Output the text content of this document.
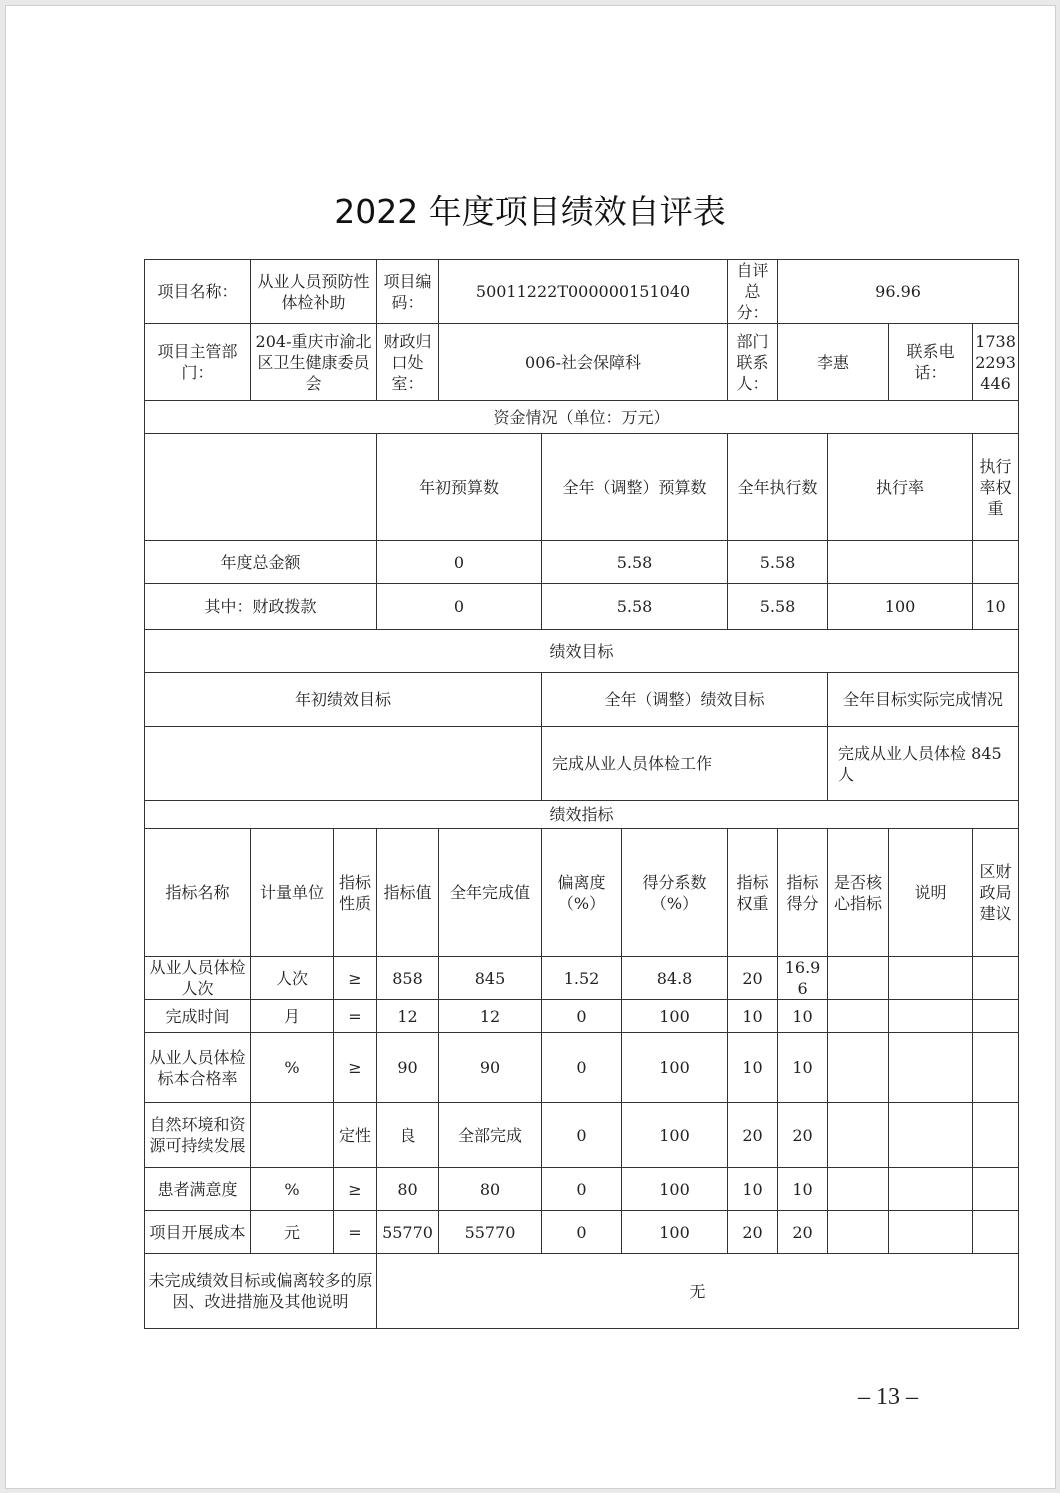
2022 年度项目绩效自评表
项目名称：	从业人员预防性体检补助		项目编码：	50011222T000000151040			自评总分：	96.96				
项目主管部门：	204-重庆市渝北区卫生健康委员会		财政归口处室：	006-社会保障科			部门联系人：	李惠		联系电话：	17382293446	
资金情况（单位：万元）												
			年初预算数		全年（调整）预算数		全年执行数		执行率		执行率权重	
年度总金额			0		5.58		5.58					
其中：财政拨款			0		5.58		5.58		100		10	
绩效目标												
年初绩效目标					全年（调整）绩效目标				全年目标实际完成情况			
					完成从业人员体检工作				完成从业人员体检 845 人			
绩效指标												
指标名称	计量单位	指标性质	指标值	全年完成值	偏离度（%）	得分系数（%）	指标权重	指标得分	是否核心指标	说明	区财政局建议	
从业人员体检人次	人次	≥	858	845	1.52	84.8	20	16.96				
完成时间	月	=	12	12	0	100	10	10				
从业人员体检标本合格率	%	≥	90	90	0	100	10	10				
自然环境和资源可持续发展		定性	良	全部完成	0	100	20	20				
患者满意度	%	≥	80	80	0	100	10	10				
项目开展成本	元	=	55770	55770	0	100	20	20				
未完成绩效目标或偏离较多的原因、改进措施及其他说明			无									
– 13 –
